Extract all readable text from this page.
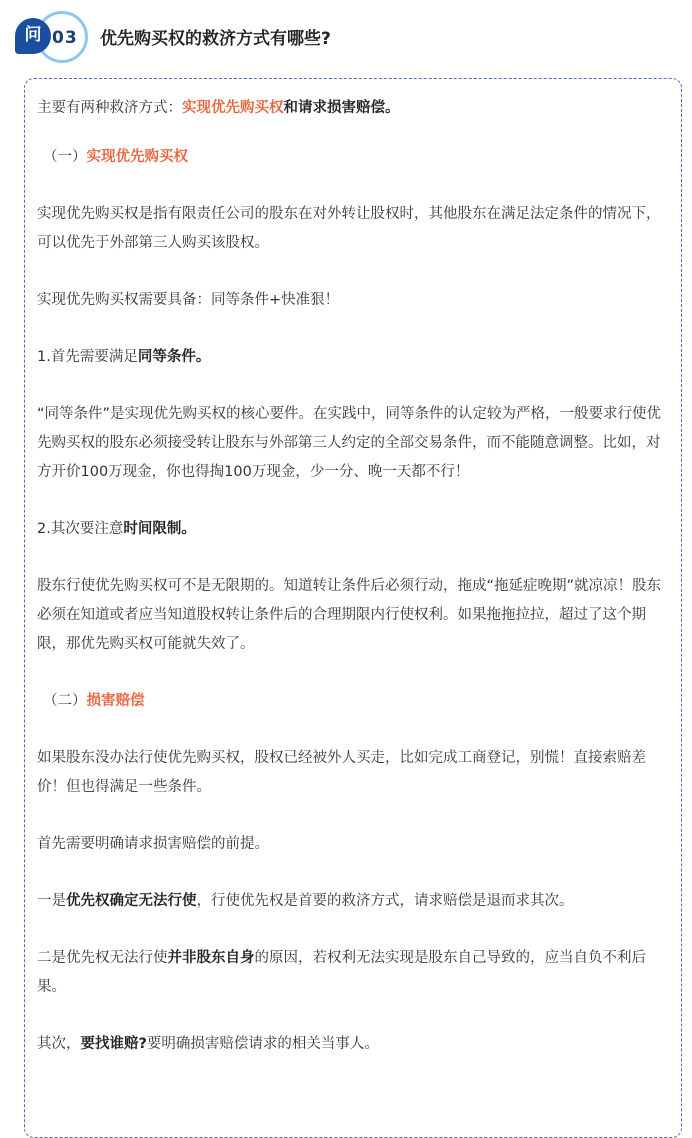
问 03 优先购买权的救济方式有哪些?

主要有两种救济方式：实现优先购买权和请求损害赔偿。

（一）实现优先购买权

实现优先购买权是指有限责任公司的股东在对外转让股权时，其他股东在满足法定条件的情况下，可以优先于外部第三人购买该股权。

实现优先购买权需要具备：同等条件+快准狠！

1.首先需要满足同等条件。

“同等条件”是实现优先购买权的核心要件。在实践中，同等条件的认定较为严格，一般要求行使优先购买权的股东必须接受转让股东与外部第三人约定的全部交易条件，而不能随意调整。比如，对方开价100万现金，你也得掏100万现金，少一分、晚一天都不行！

2.其次要注意时间限制。

股东行使优先购买权可不是无限期的。知道转让条件后必须行动，拖成“拖延症晚期”就凉凉！股东必须在知道或者应当知道股权转让条件后的合理期限内行使权利。如果拖拖拉拉，超过了这个期限，那优先购买权可能就失效了。

（二）损害赔偿

如果股东没办法行使优先购买权，股权已经被外人买走，比如完成工商登记，别慌！直接索赔差价！但也得满足一些条件。

首先需要明确请求损害赔偿的前提。

一是优先权确定无法行使，行使优先权是首要的救济方式，请求赔偿是退而求其次。

二是优先权无法行使并非股东自身的原因，若权利无法实现是股东自己导致的，应当自负不利后果。

其次，要找谁赔?要明确损害赔偿请求的相关当事人。
